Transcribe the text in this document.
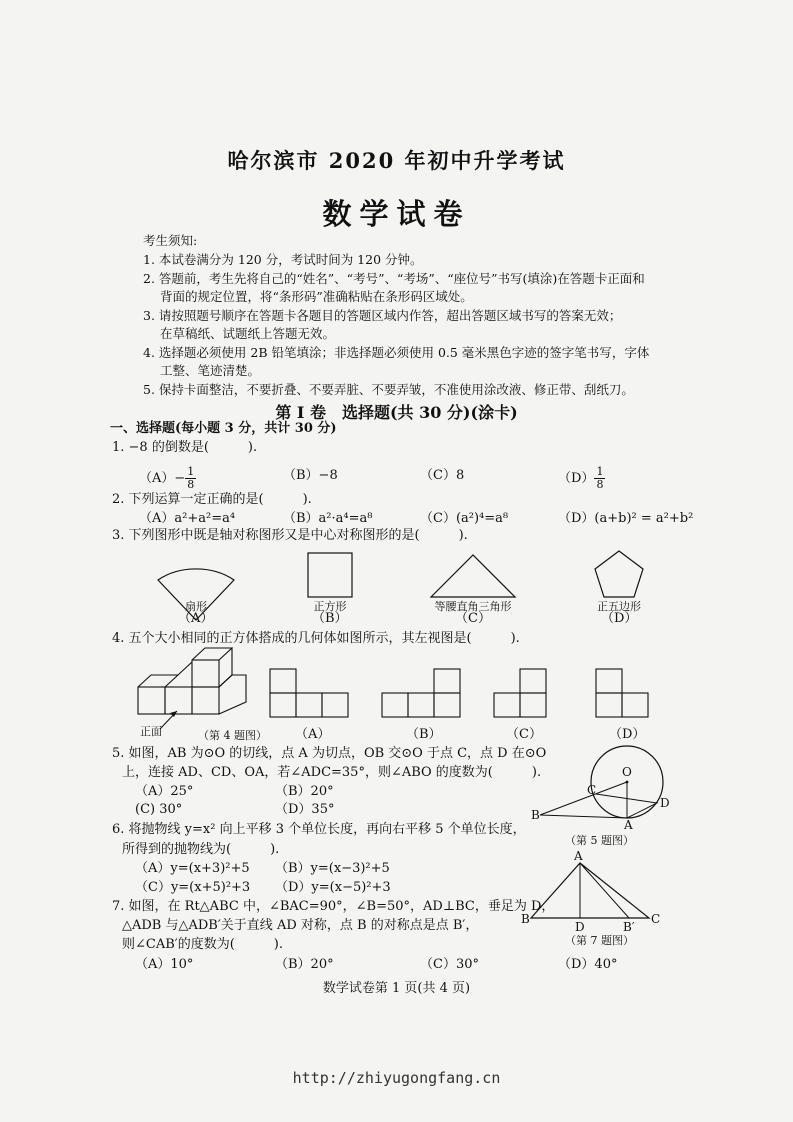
哈尔滨市 2020 年初中升学考试
数学试卷
考生须知:
1. 本试卷满分为 120 分，考试时间为 120 分钟。
2. 答题前，考生先将自己的“姓名”、“考号”、“考场”、“座位号”书写(填涂)在答题卡正面和
背面的规定位置，将“条形码”准确粘贴在条形码区域处。
3. 请按照题号顺序在答题卡各题目的答题区域内作答，超出答题区域书写的答案无效；
在草稿纸、试题纸上答题无效。
4. 选择题必须使用 2B 铅笔填涂；非选择题必须使用 0.5 毫米黑色字迹的签字笔书写，字体
工整、笔迹清楚。
5. 保持卡面整洁，不要折叠、不要弄脏、不要弄皱，不准使用涂改液、修正带、刮纸刀。
第 I 卷　选择题(共 30 分)(涂卡)
一、选择题(每小题 3 分，共计 30 分)
1. −8 的倒数是(　　　).
$(A)- \frac{1}{8}$	（B）−8	（C）8	$(D) \frac{1}{8}$
2. 下列运算一定正确的是(　　　).
（A）a²+a²=a⁴	（B）a²·a⁴=a⁸	（C）(a²)⁴=a⁸	（D）(a+b)² = a²+b²
3. 下列图形中既是轴对称图形又是中心对称图形的是(　　　).
扇形	正方形	等腰直角三角形	正五边形
（A）	（B）	（C）	（D）
4. 五个大小相同的正方体搭成的几何体如图所示，其左视图是(　　　).
正面	（第 4 题图） （A）	（B）	（C）	（D）
5. 如图，AB 为⊙O 的切线，点 A 为切点，OB 交⊙O 于点 C，点 D 在⊙O
上，连接 AD、CD、OA，若∠ADC=35°，则∠ABO 的度数为(　　　).
（A）25°	（B）20°
(C) 30°	（D）35°
O
C
B
D
A
（第 5 题图）
6. 将抛物线 y=x² 向上平移 3 个单位长度，再向右平移 5 个单位长度，
所得到的抛物线为(　　　).
（A）y=(x+3)²+5 （B）y=(x−3)²+5
（C）y=(x+5)²+3 （D）y=(x−5)²+3
7. 如图，在 Rt△ABC 中，∠BAC=90°，∠B=50°，AD⊥BC，垂足为 D，
△ADB 与△ADB′关于直线 AD 对称，点 B 的对称点是点 B′，
则∠CAB′的度数为(　　　).
（A）10°	（B）20°	（C）30°	（D）40°
A
B
D	B′
C
（第 7 题图）
数学试卷第 1 页(共 4 页)
http://zhiyugongfang.cn
